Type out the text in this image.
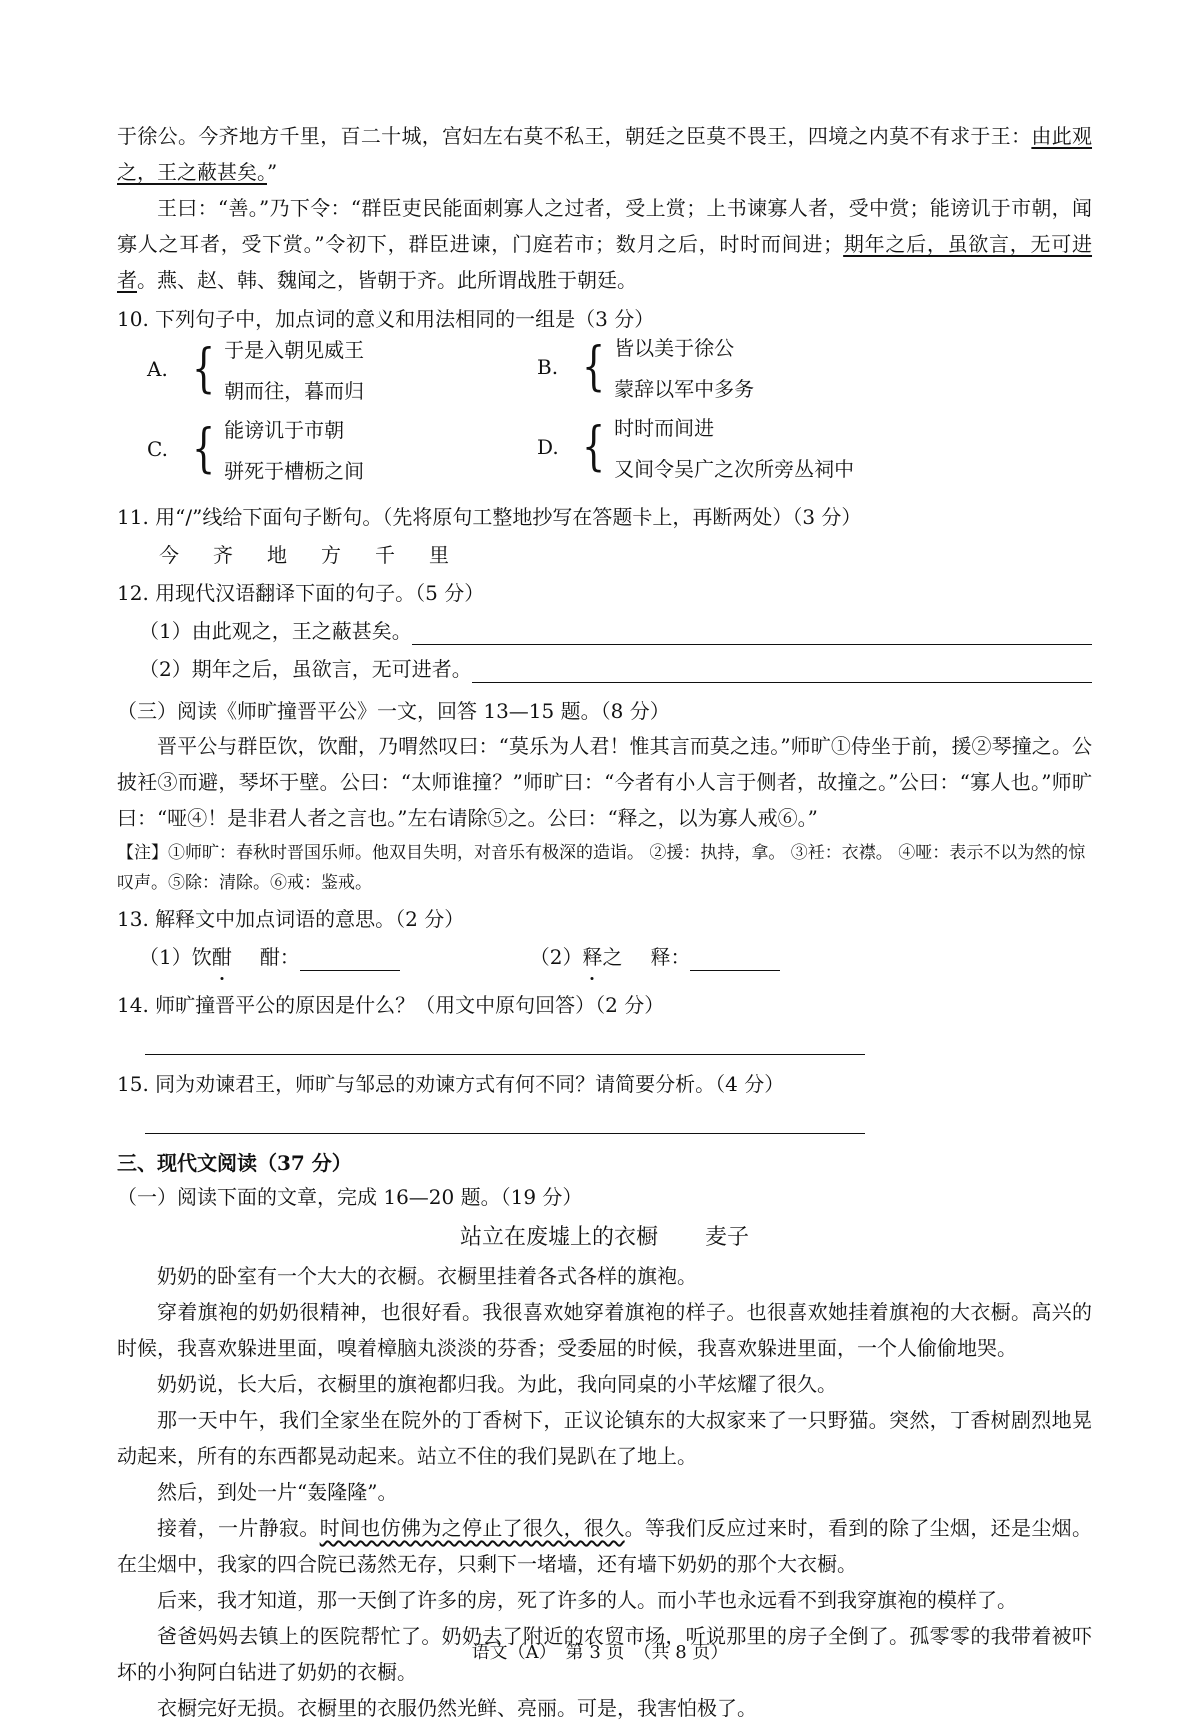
于徐公。今齐地方千里，百二十城，宫妇左右莫不私王，朝廷之臣莫不畏王，四境之内莫不有求于王：由此观之，王之蔽甚矣。”

王曰：“善。”乃下令：“群臣吏民能面刺寡人之过者，受上赏；上书谏寡人者，受中赏；能谤讥于市朝，闻寡人之耳者，受下赏。”令初下，群臣进谏，门庭若市；数月之后，时时而间进；期年之后，虽欲言，无可进者。燕、赵、韩、魏闻之，皆朝于齐。此所谓战胜于朝廷。

10. 下列句子中，加点词的意义和用法相同的一组是（3 分）

A. { 于是入朝见威王
朝而往，暮而归
B. { 皆以美于徐公
蒙辞以军中多务
C. { 能谤讥于市朝
骈死于槽枥之间
D. { 时时而间进
又间令吴广之次所旁丛祠中

11. 用“/”线给下面句子断句。（先将原句工整地抄写在答题卡上，再断两处）（3 分）

今 齐 地 方 千 里

12. 用现代汉语翻译下面的句子。（5 分）

（1）由此观之，王之蔽甚矣。
（2）期年之后，虽欲言，无可进者。

（三）阅读《师旷撞晋平公》一文，回答 13—15 题。（8 分）

晋平公与群臣饮，饮酣，乃喟然叹曰：“莫乐为人君！惟其言而莫之违。”师旷①侍坐于前，援②琴撞之。公披衽③而避，琴坏于壁。公曰：“太师谁撞？”师旷曰：“今者有小人言于侧者，故撞之。”公曰：“寡人也。”师旷曰：“哑④！是非君人者之言也。”左右请除⑤之。公曰：“释之，以为寡人戒⑥。”

【注】①师旷：春秋时晋国乐师。他双目失明，对音乐有极深的造诣。 ②援：执持，拿。 ③衽：衣襟。 ④哑：表示不以为然的惊叹声。⑤除：清除。⑥戒：鉴戒。

13. 解释文中加点词语的意思。（2 分）

（1）饮 酣 酣：	（2） 释 之 释：

14. 师旷撞晋平公的原因是什么？（用文中原句回答）（2 分）

15. 同为劝谏君王，师旷与邹忌的劝谏方式有何不同？请简要分析。（4 分）

三、现代文阅读（37 分）

（一）阅读下面的文章，完成 16—20 题。（19 分）

站立在废墟上的衣橱 麦子

奶奶的卧室有一个大大的衣橱。衣橱里挂着各式各样的旗袍。

穿着旗袍的奶奶很精神，也很好看。我很喜欢她穿着旗袍的样子。也很喜欢她挂着旗袍的大衣橱。高兴的时候，我喜欢躲进里面，嗅着樟脑丸淡淡的芬香；受委屈的时候，我喜欢躲进里面，一个人偷偷地哭。

奶奶说，长大后，衣橱里的旗袍都归我。为此，我向同桌的小芊炫耀了很久。

那一天中午，我们全家坐在院外的丁香树下，正议论镇东的大叔家来了一只野猫。突然，丁香树剧烈地晃动起来，所有的东西都晃动起来。站立不住的我们晃趴在了地上。

然后，到处一片“轰隆隆”。

接着，一片静寂。时间也仿佛为之停止了很久，很久。等我们反应过来时，看到的除了尘烟，还是尘烟。在尘烟中，我家的四合院已荡然无存，只剩下一堵墙，还有墙下奶奶的那个大衣橱。

后来，我才知道，那一天倒了许多的房，死了许多的人。而小芊也永远看不到我穿旗袍的模样了。

爸爸妈妈去镇上的医院帮忙了。奶奶去了附近的农贸市场，听说那里的房子全倒了。孤零零的我带着被吓坏的小狗阿白钻进了奶奶的衣橱。

衣橱完好无损。衣橱里的衣服仍然光鲜、亮丽。可是，我害怕极了。

语文（A）　第 3 页　（共 8 页）
